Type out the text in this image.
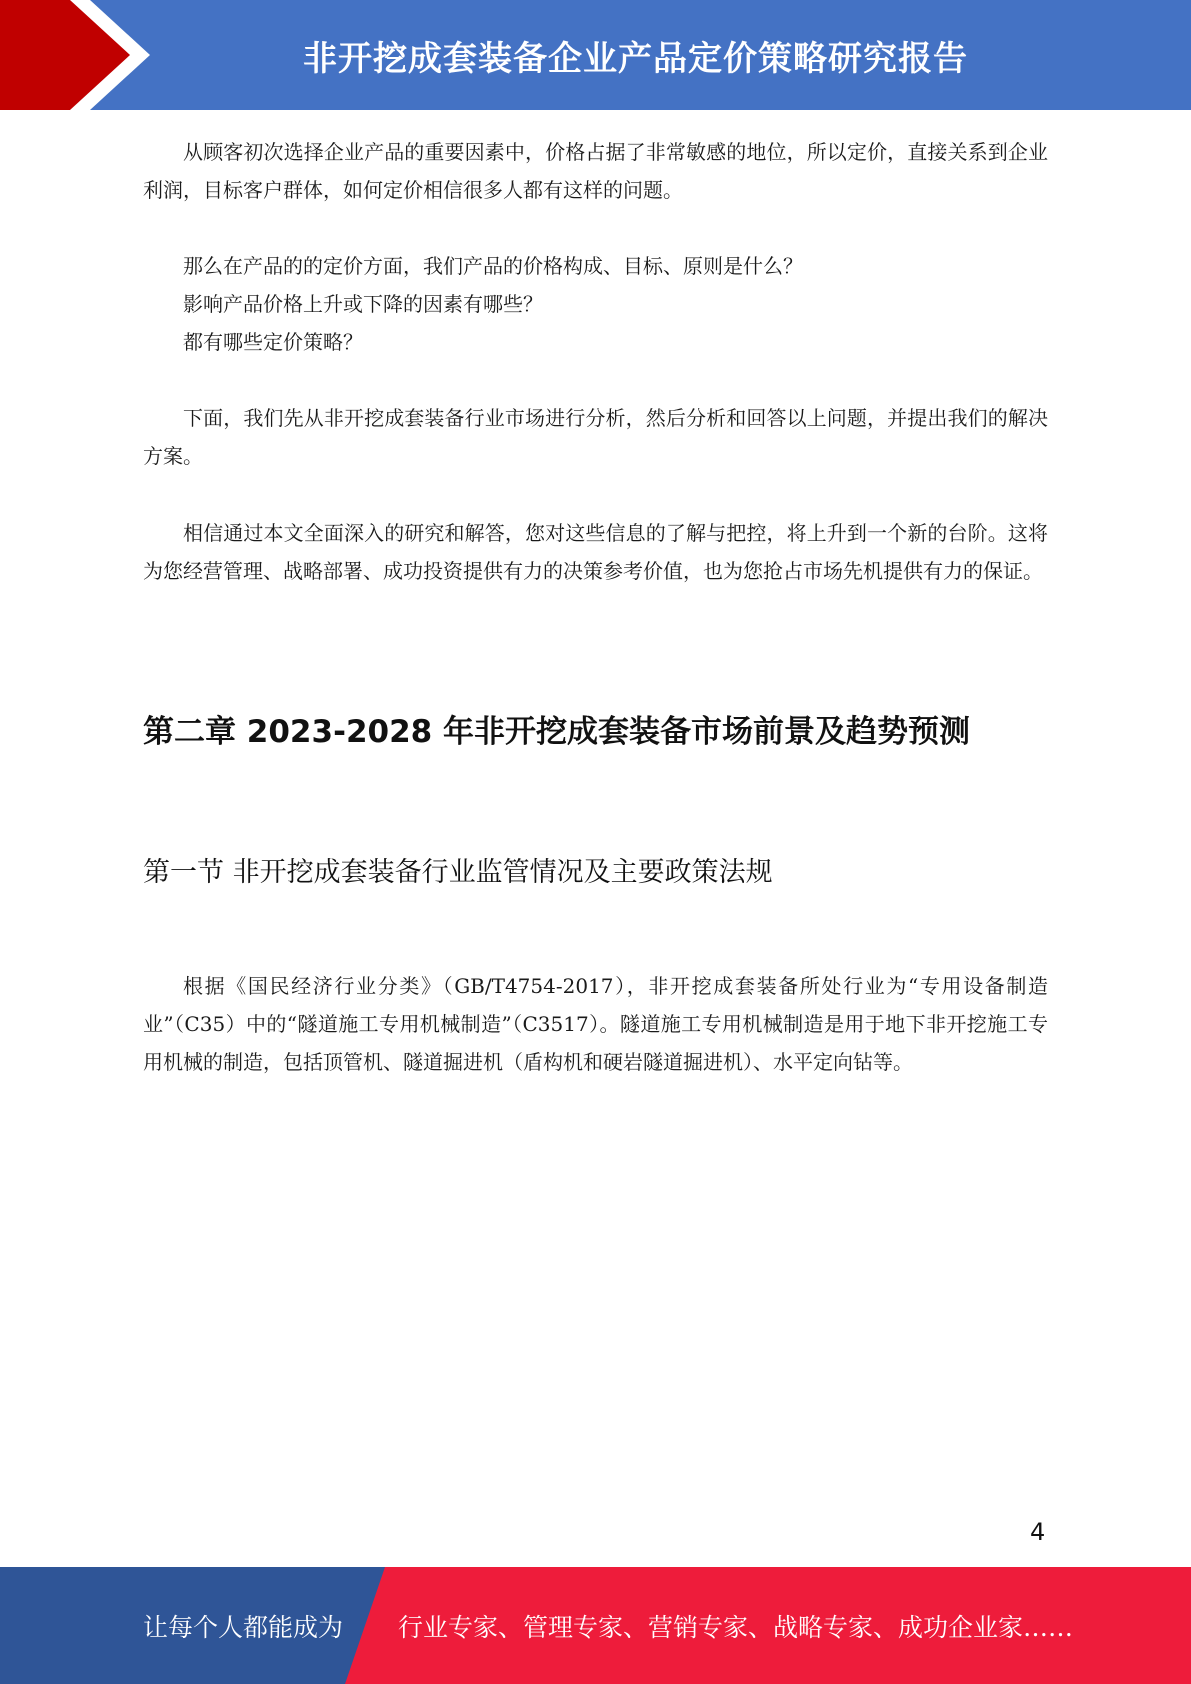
非开挖成套装备企业产品定价策略研究报告

从顾客初次选择企业产品的重要因素中，价格占据了非常敏感的地位，所以定价，直接关系到企业利润，目标客户群体，如何定价相信很多人都有这样的问题。

那么在产品的的定价方面，我们产品的价格构成、目标、原则是什么？

影响产品价格上升或下降的因素有哪些？

都有哪些定价策略？

下面，我们先从非开挖成套装备行业市场进行分析，然后分析和回答以上问题，并提出我们的解决方案。

相信通过本文全面深入的研究和解答，您对这些信息的了解与把控，将上升到一个新的台阶。这将为您经营管理、战略部署、成功投资提供有力的决策参考价值，也为您抢占市场先机提供有力的保证。

第二章 2023-2028 年非开挖成套装备市场前景及趋势预测
第一节 非开挖成套装备行业监管情况及主要政策法规

根据《国民经济行业分类》（GB/T4754-2017），非开挖成套装备所处行业为“专用设备制造业”（C35）中的“隧道施工专用机械制造”（C3517）。隧道施工专用机械制造是用于地下非开挖施工专用机械的制造，包括顶管机、隧道掘进机（盾构机和硬岩隧道掘进机）、水平定向钻等。

4
让每个人都能成为 行业专家、管理专家、营销专家、战略专家、成功企业家……
